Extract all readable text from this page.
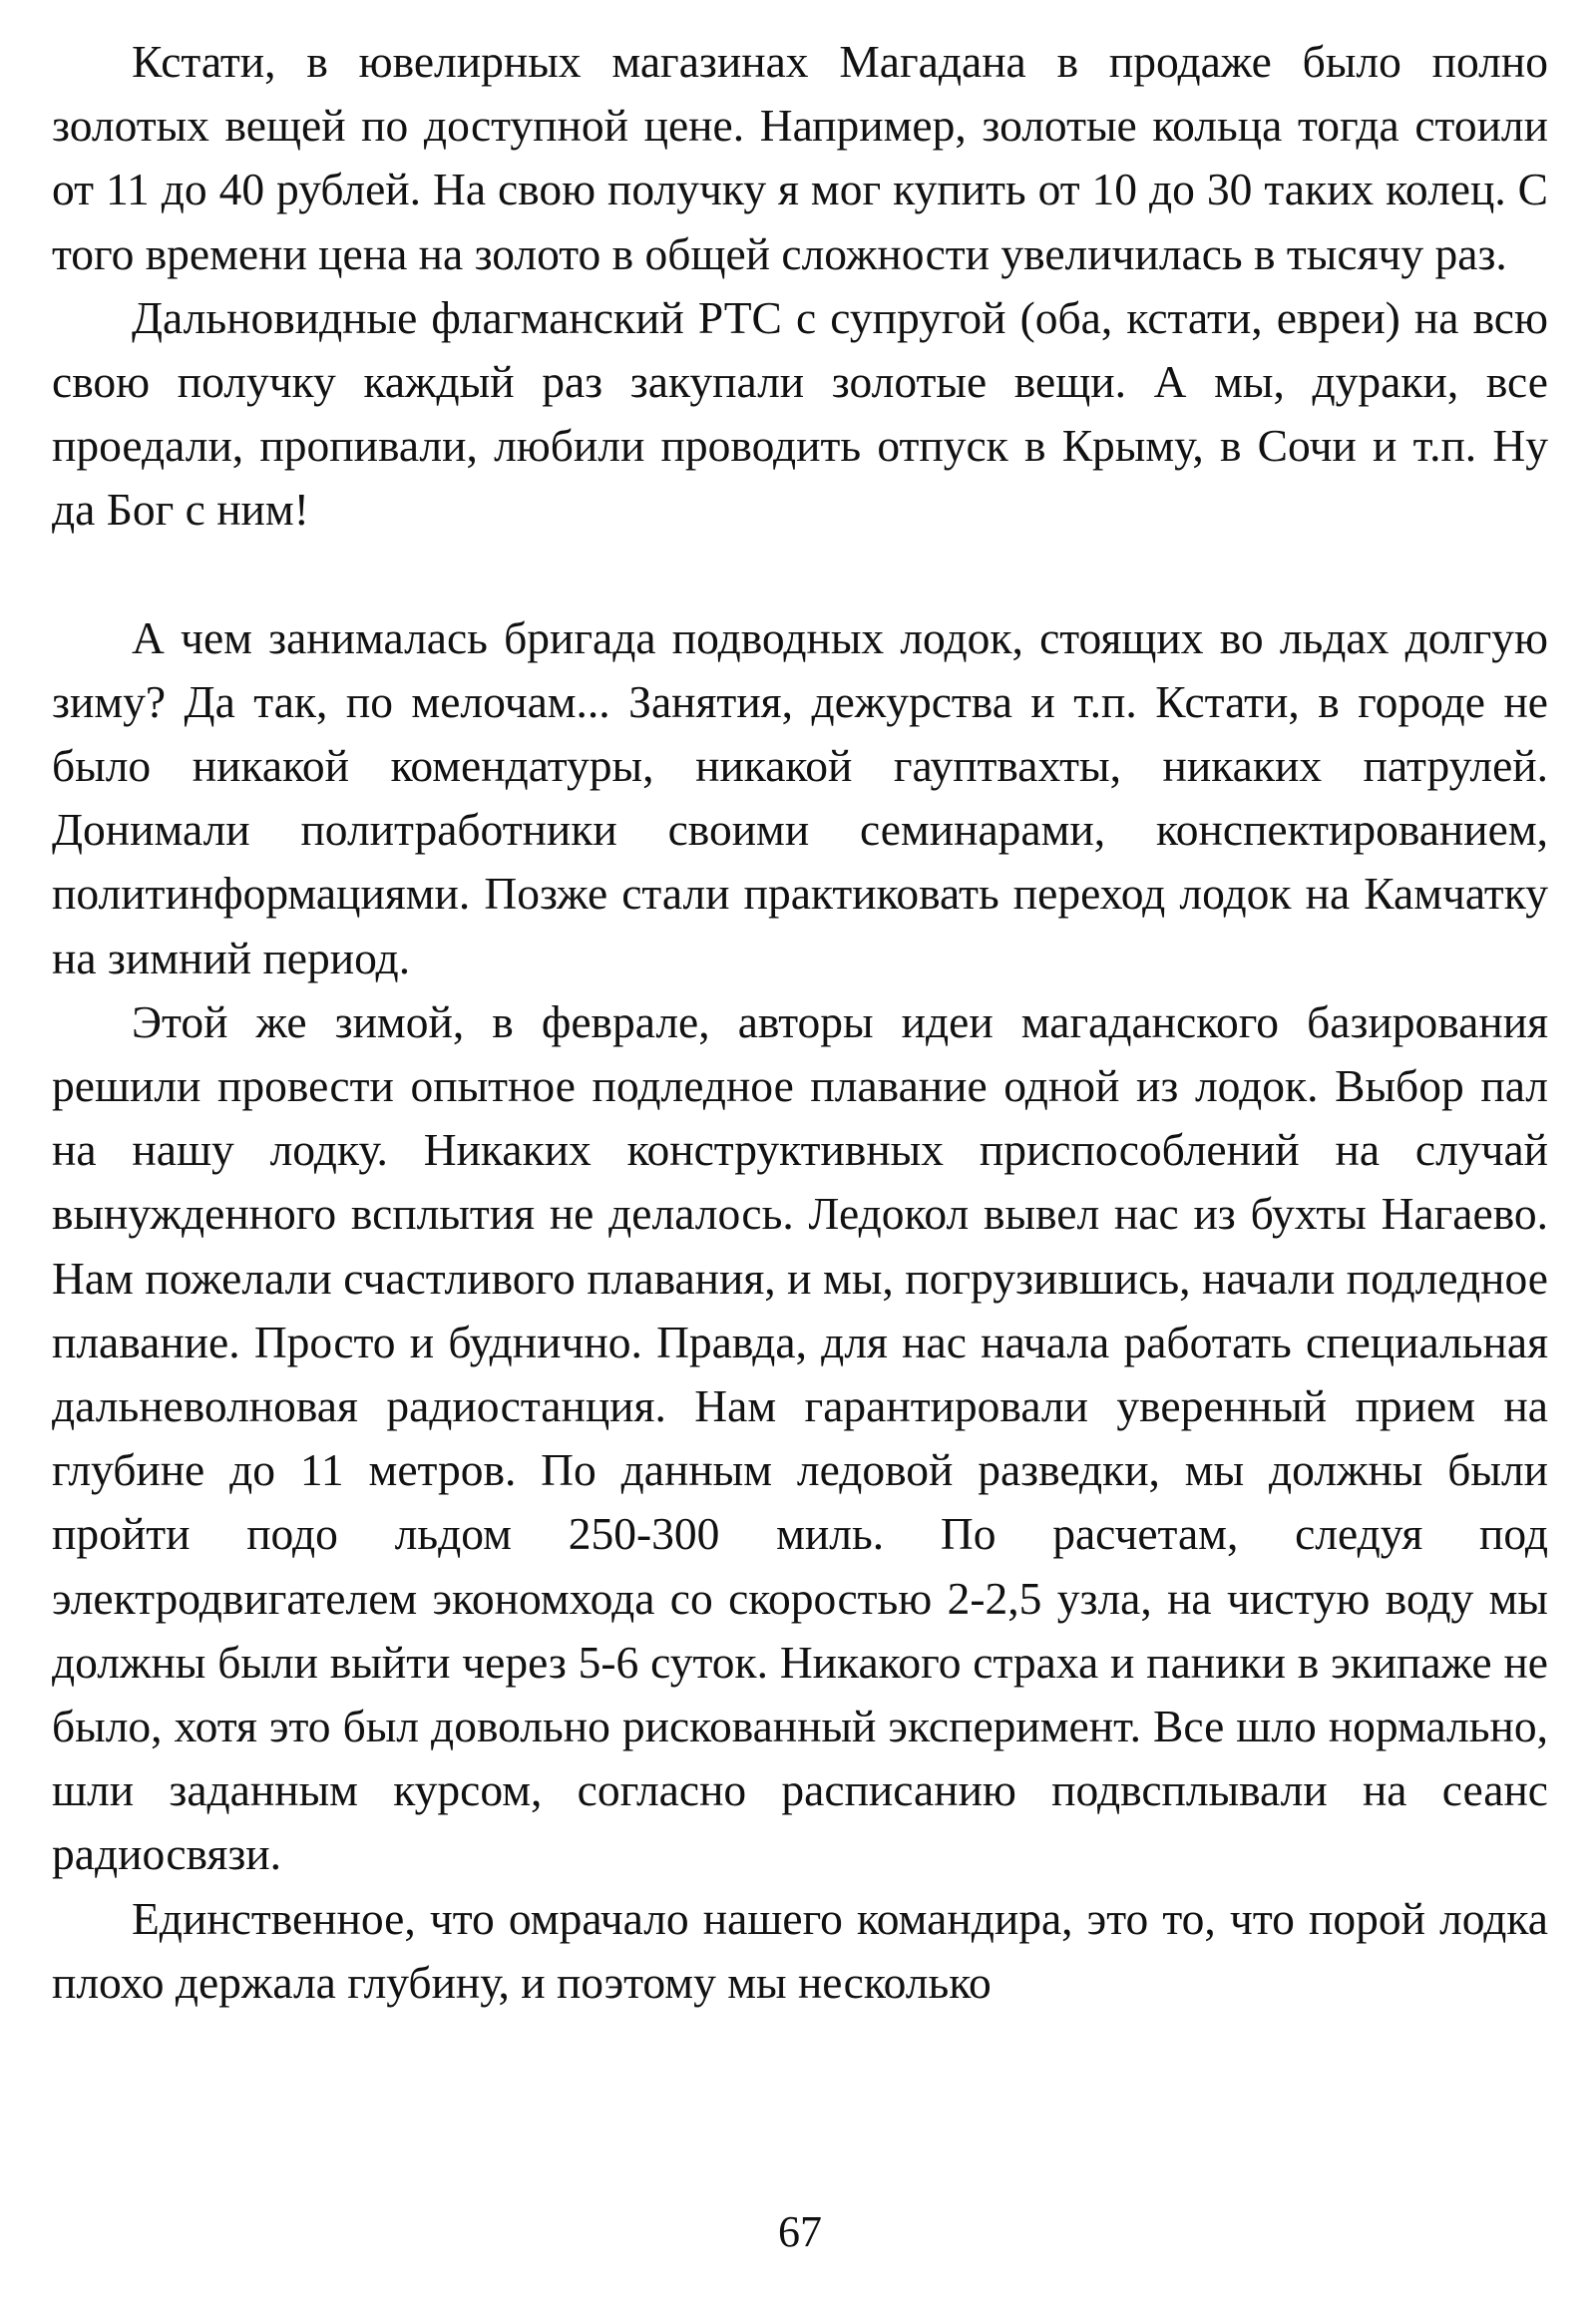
Кстати, в ювелирных магазинах Магадана в продаже было полно золотых вещей по доступной цене. Например, золотые кольца тогда стоили от 11 до 40 рублей. На свою получку я мог купить от 10 до 30 таких колец. С того времени цена на золото в общей сложности увеличилась в тысячу раз.

Дальновидные флагманский РТС с супругой (оба, кстати, евреи) на всю свою получку каждый раз закупали золотые вещи. А мы, дураки, все проедали, пропивали, любили проводить отпуск в Крыму, в Сочи и т.п. Ну да Бог с ним!

А чем занималась бригада подводных лодок, стоящих во льдах долгую зиму? Да так, по мелочам... Занятия, дежурства и т.п. Кстати, в городе не было никакой комендатуры, никакой гауптвахты, никаких патрулей. Донимали политработники своими семинарами, конспектированием, политинформациями. Позже стали практиковать переход лодок на Камчатку на зимний период.

Этой же зимой, в феврале, авторы идеи магаданского базирования решили провести опытное подледное плавание одной из лодок. Выбор пал на нашу лодку. Никаких конструктивных приспособлений на случай вынужденного всплытия не делалось. Ледокол вывел нас из бухты Нагаево. Нам пожелали счастливого плавания, и мы, погрузившись, начали подледное плавание. Просто и буднично. Правда, для нас начала работать специальная дальневолновая радиостанция. Нам гарантировали уверенный прием на глубине до 11 метров. По данным ледовой разведки, мы должны были пройти подо льдом 250-300 миль. По расчетам, следуя под электродвигателем экономхода со скоростью 2-2,5 узла, на чистую воду мы должны были выйти через 5-6 суток. Никакого страха и паники в экипаже не было, хотя это был довольно рискованный эксперимент. Все шло нормально, шли заданным курсом, согласно расписанию подвсплывали на сеанс радиосвязи.

Единственное, что омрачало нашего командира, это то, что порой лодка плохо держала глубину, и поэтому мы несколько

67
